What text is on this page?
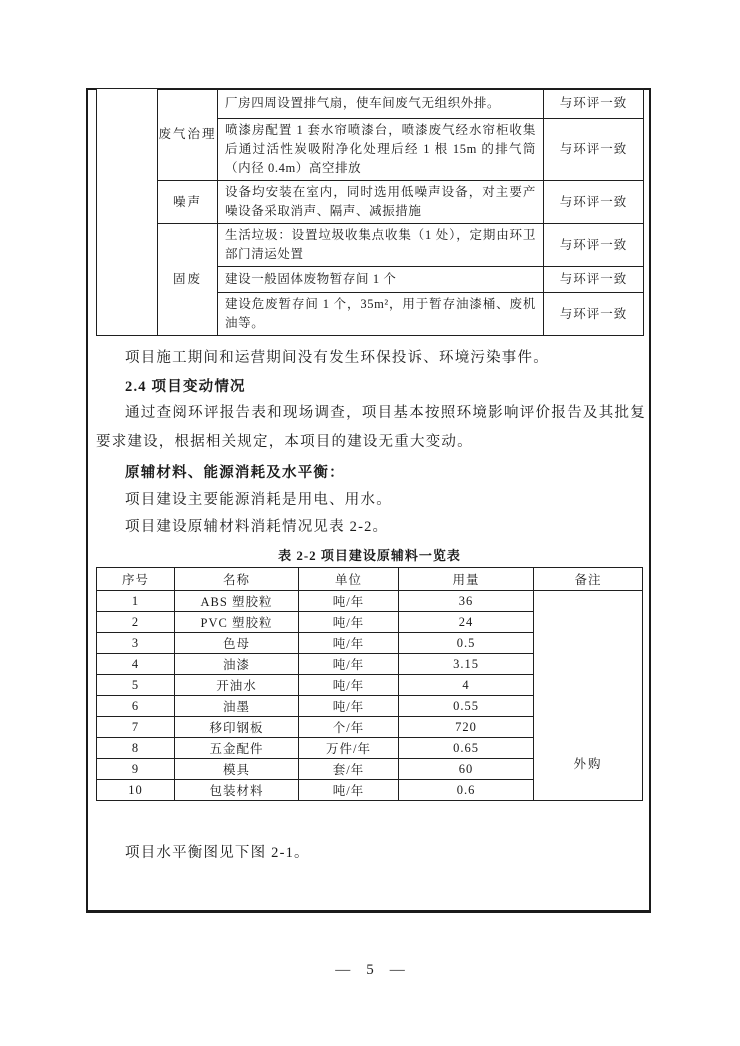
	废气治理	厂房四周设置排气扇，使车间废气无组织外排。	与环评一致
		喷漆房配置 1 套水帘喷漆台，喷漆废气经水帘柜收集后通过活性炭吸附净化处理后经 1 根 15m 的排气筒（内径 0.4m）高空排放	与环评一致
	噪声	设备均安装在室内，同时选用低噪声设备，对主要产噪设备采取消声、隔声、减振措施	与环评一致
	固废	生活垃圾：设置垃圾收集点收集（1 处），定期由环卫部门清运处置	与环评一致
		建设一般固体废物暂存间 1 个	与环评一致
		建设危废暂存间 1 个，35m²，用于暂存油漆桶、废机油等。	与环评一致
项目施工期间和运营期间没有发生环保投诉、环境污染事件。
2.4 项目变动情况
通过查阅环评报告表和现场调查，项目基本按照环境影响评价报告及其批复要求建设，根据相关规定，本项目的建设无重大变动。
原辅材料、能源消耗及水平衡：
项目建设主要能源消耗是用电、用水。
项目建设原辅材料消耗情况见表 2-2。
表 2-2 项目建设原辅料一览表
序号	名称	单位	用量	备注
1	ABS 塑胶粒	吨/年	36	外购
2	PVC 塑胶粒	吨/年	24	
3	色母	吨/年	0.5	
4	油漆	吨/年	3.15	
5	开油水	吨/年	4	
6	油墨	吨/年	0.55	
7	移印钢板	个/年	720	
8	五金配件	万件/年	0.65	
9	模具	套/年	60	
10	包装材料	吨/年	0.6	
项目水平衡图见下图 2-1。
— 5 —
